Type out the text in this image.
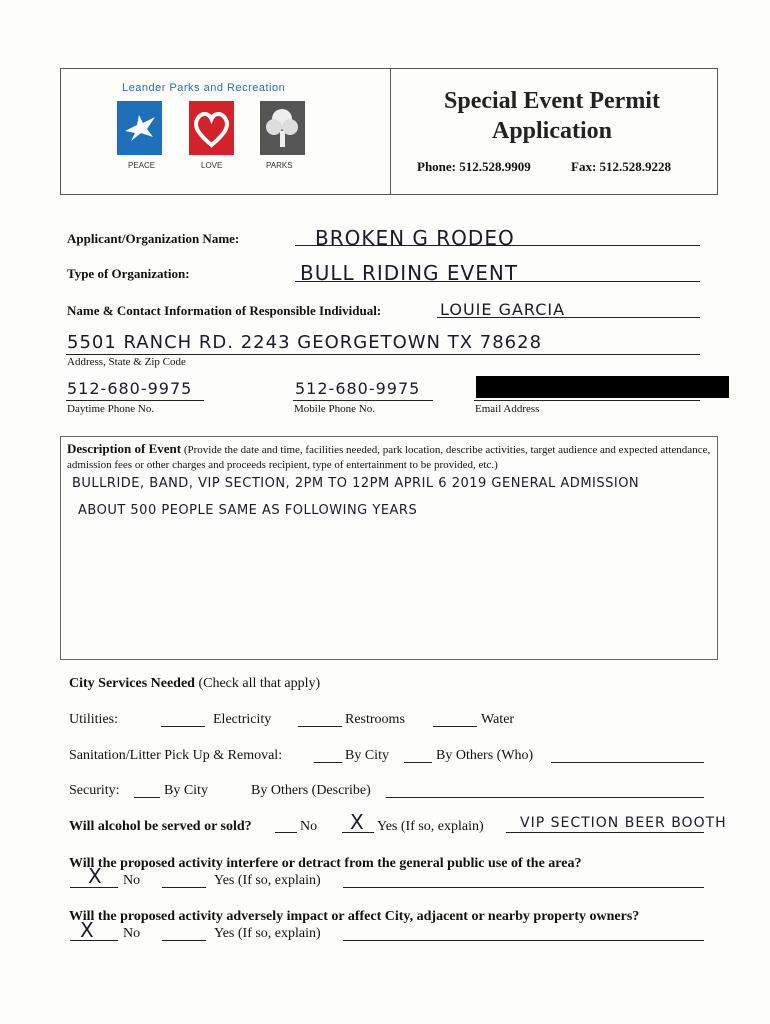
Leander Parks and Recreation
PEACE	LOVE	PARKS
Special Event Permit
Application
Phone: 512.528.9909	Fax: 512.528.9228
Applicant/Organization Name:	BROKEN G RODEO
Type of Organization:	BULL RIDING EVENT
Name & Contact Information of Responsible Individual:	LOUIE GARCIA
5501 RANCH RD. 2243 GEORGETOWN TX 78628
Address, State & Zip Code
512-680-9975
Daytime Phone No.
512-680-9975
Mobile Phone No.	Email Address
Description of Event (Provide the date and time, facilities needed, park location, describe activities, target audience and expected attendance, admission fees or other charges and proceeds recipient, type of entertainment to be provided, etc.)
BULLRIDE, BAND, VIP SECTION, 2PM TO 12PM APRIL 6 2019 GENERAL ADMISSION
ABOUT 500 PEOPLE SAME AS FOLLOWING YEARS
City Services Needed (Check all that apply)
Utilities:	Electricity	Restrooms	Water
Sanitation/Litter Pick Up & Removal:	By City	By Others (Who)
Security:	By City	By Others (Describe)
Will alcohol be served or sold?	No X Yes (If so, explain)	VIP SECTION BEER BOOTH
Will the proposed activity interfere or detract from the general public use of the area?
X No	Yes (If so, explain)
Will the proposed activity adversely impact or affect City, adjacent or nearby property owners?
X No	Yes (If so, explain)
